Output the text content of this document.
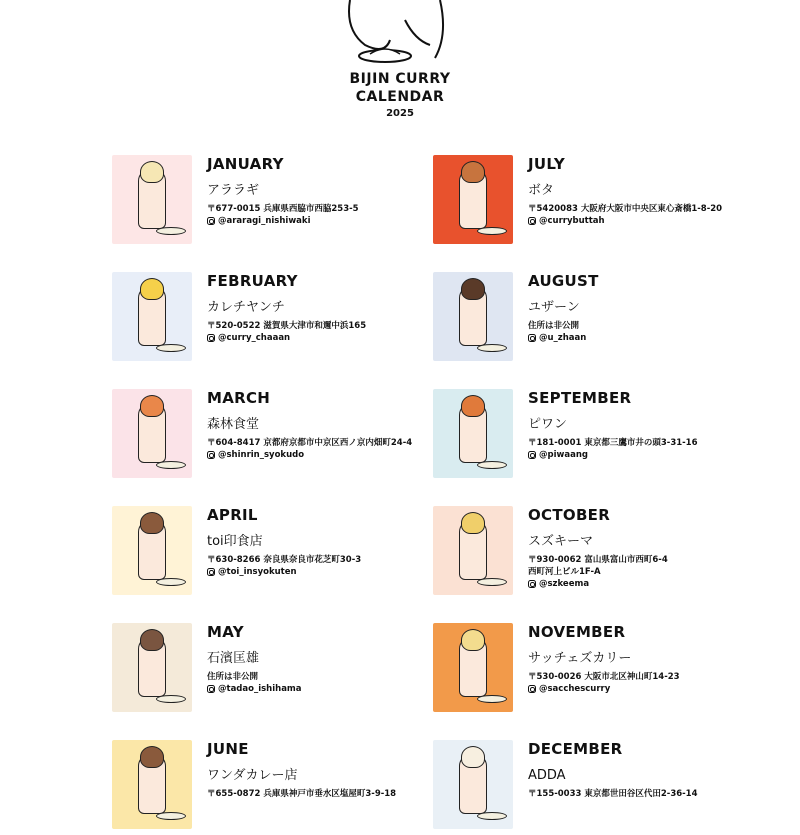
BIJIN CURRY
CALENDAR
2025
JANUARY
アララギ
〒677-0015 兵庫県西脇市西脇253-5
@araragi_nishiwaki
FEBRUARY
カレチヤンチ
〒520-0522 滋賀県大津市和邇中浜165
@curry_chaaan
MARCH
森林食堂
〒604-8417 京都府京都市中京区西ノ京内畑町24-4
@shinrin_syokudo
APRIL
toi印食店
〒630-8266 奈良県奈良市花芝町30-3
@toi_insyokuten
MAY
石濱匡雄
住所は非公開
@tadao_ishihama
JUNE
ワンダカレー店
〒655-0872 兵庫県神戸市垂水区塩屋町3-9-18
JULY
ボタ
〒5420083 大阪府大阪市中央区東心斎橋1-8-20
@currybuttah
AUGUST
ユザーン
住所は非公開
@u_zhaan
SEPTEMBER
ピワン
〒181-0001 東京都三鷹市井の頭3-31-16
@piwaang
OCTOBER
スズキーマ
〒930-0062 富山県富山市西町6-4
西町河上ビル1F-A
@szkeema
NOVEMBER
サッチェズカリー
〒530-0026 大阪市北区神山町14-23
@sacchescurry
DECEMBER
ADDA
〒155-0033 東京都世田谷区代田2-36-14
